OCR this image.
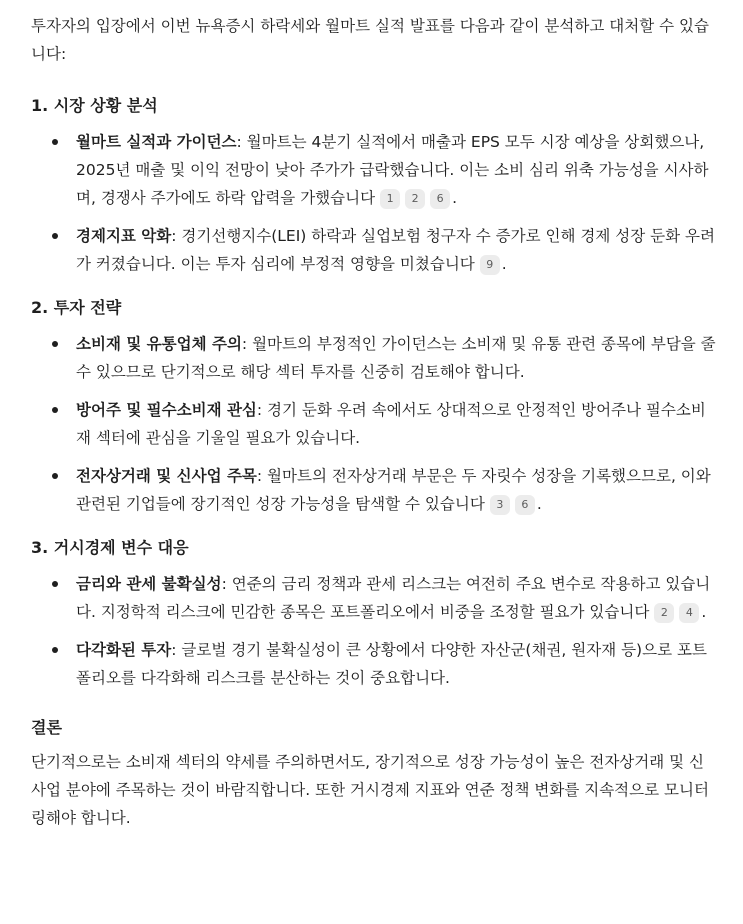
투자자의 입장에서 이번 뉴욕증시 하락세와 월마트 실적 발표를 다음과 같이 분석하고 대처할 수 있습니다:

1. 시장 상황 분석
월마트 실적과 가이던스: 월마트는 4분기 실적에서 매출과 EPS 모두 시장 예상을 상회했으나, 2025년 매출 및 이익 전망이 낮아 주가가 급락했습니다. 이는 소비 심리 위축 가능성을 시사하며, 경쟁사 주가에도 하락 압력을 가했습니다 1 2 6 .
경제지표 악화: 경기선행지수(LEI) 하락과 실업보험 청구자 수 증가로 인해 경제 성장 둔화 우려가 커졌습니다. 이는 투자 심리에 부정적 영향을 미쳤습니다 9 .
2. 투자 전략
소비재 및 유통업체 주의: 월마트의 부정적인 가이던스는 소비재 및 유통 관련 종목에 부담을 줄 수 있으므로 단기적으로 해당 섹터 투자를 신중히 검토해야 합니다.
방어주 및 필수소비재 관심: 경기 둔화 우려 속에서도 상대적으로 안정적인 방어주나 필수소비재 섹터에 관심을 기울일 필요가 있습니다.
전자상거래 및 신사업 주목: 월마트의 전자상거래 부문은 두 자릿수 성장을 기록했으므로, 이와 관련된 기업들에 장기적인 성장 가능성을 탐색할 수 있습니다 3 6 .
3. 거시경제 변수 대응
금리와 관세 불확실성: 연준의 금리 정책과 관세 리스크는 여전히 주요 변수로 작용하고 있습니다. 지정학적 리스크에 민감한 종목은 포트폴리오에서 비중을 조정할 필요가 있습니다 2 4 .
다각화된 투자: 글로벌 경기 불확실성이 큰 상황에서 다양한 자산군(채권, 원자재 등)으로 포트폴리오를 다각화해 리스크를 분산하는 것이 중요합니다.
결론

단기적으로는 소비재 섹터의 약세를 주의하면서도, 장기적으로 성장 가능성이 높은 전자상거래 및 신사업 분야에 주목하는 것이 바람직합니다. 또한 거시경제 지표와 연준 정책 변화를 지속적으로 모니터링해야 합니다.
